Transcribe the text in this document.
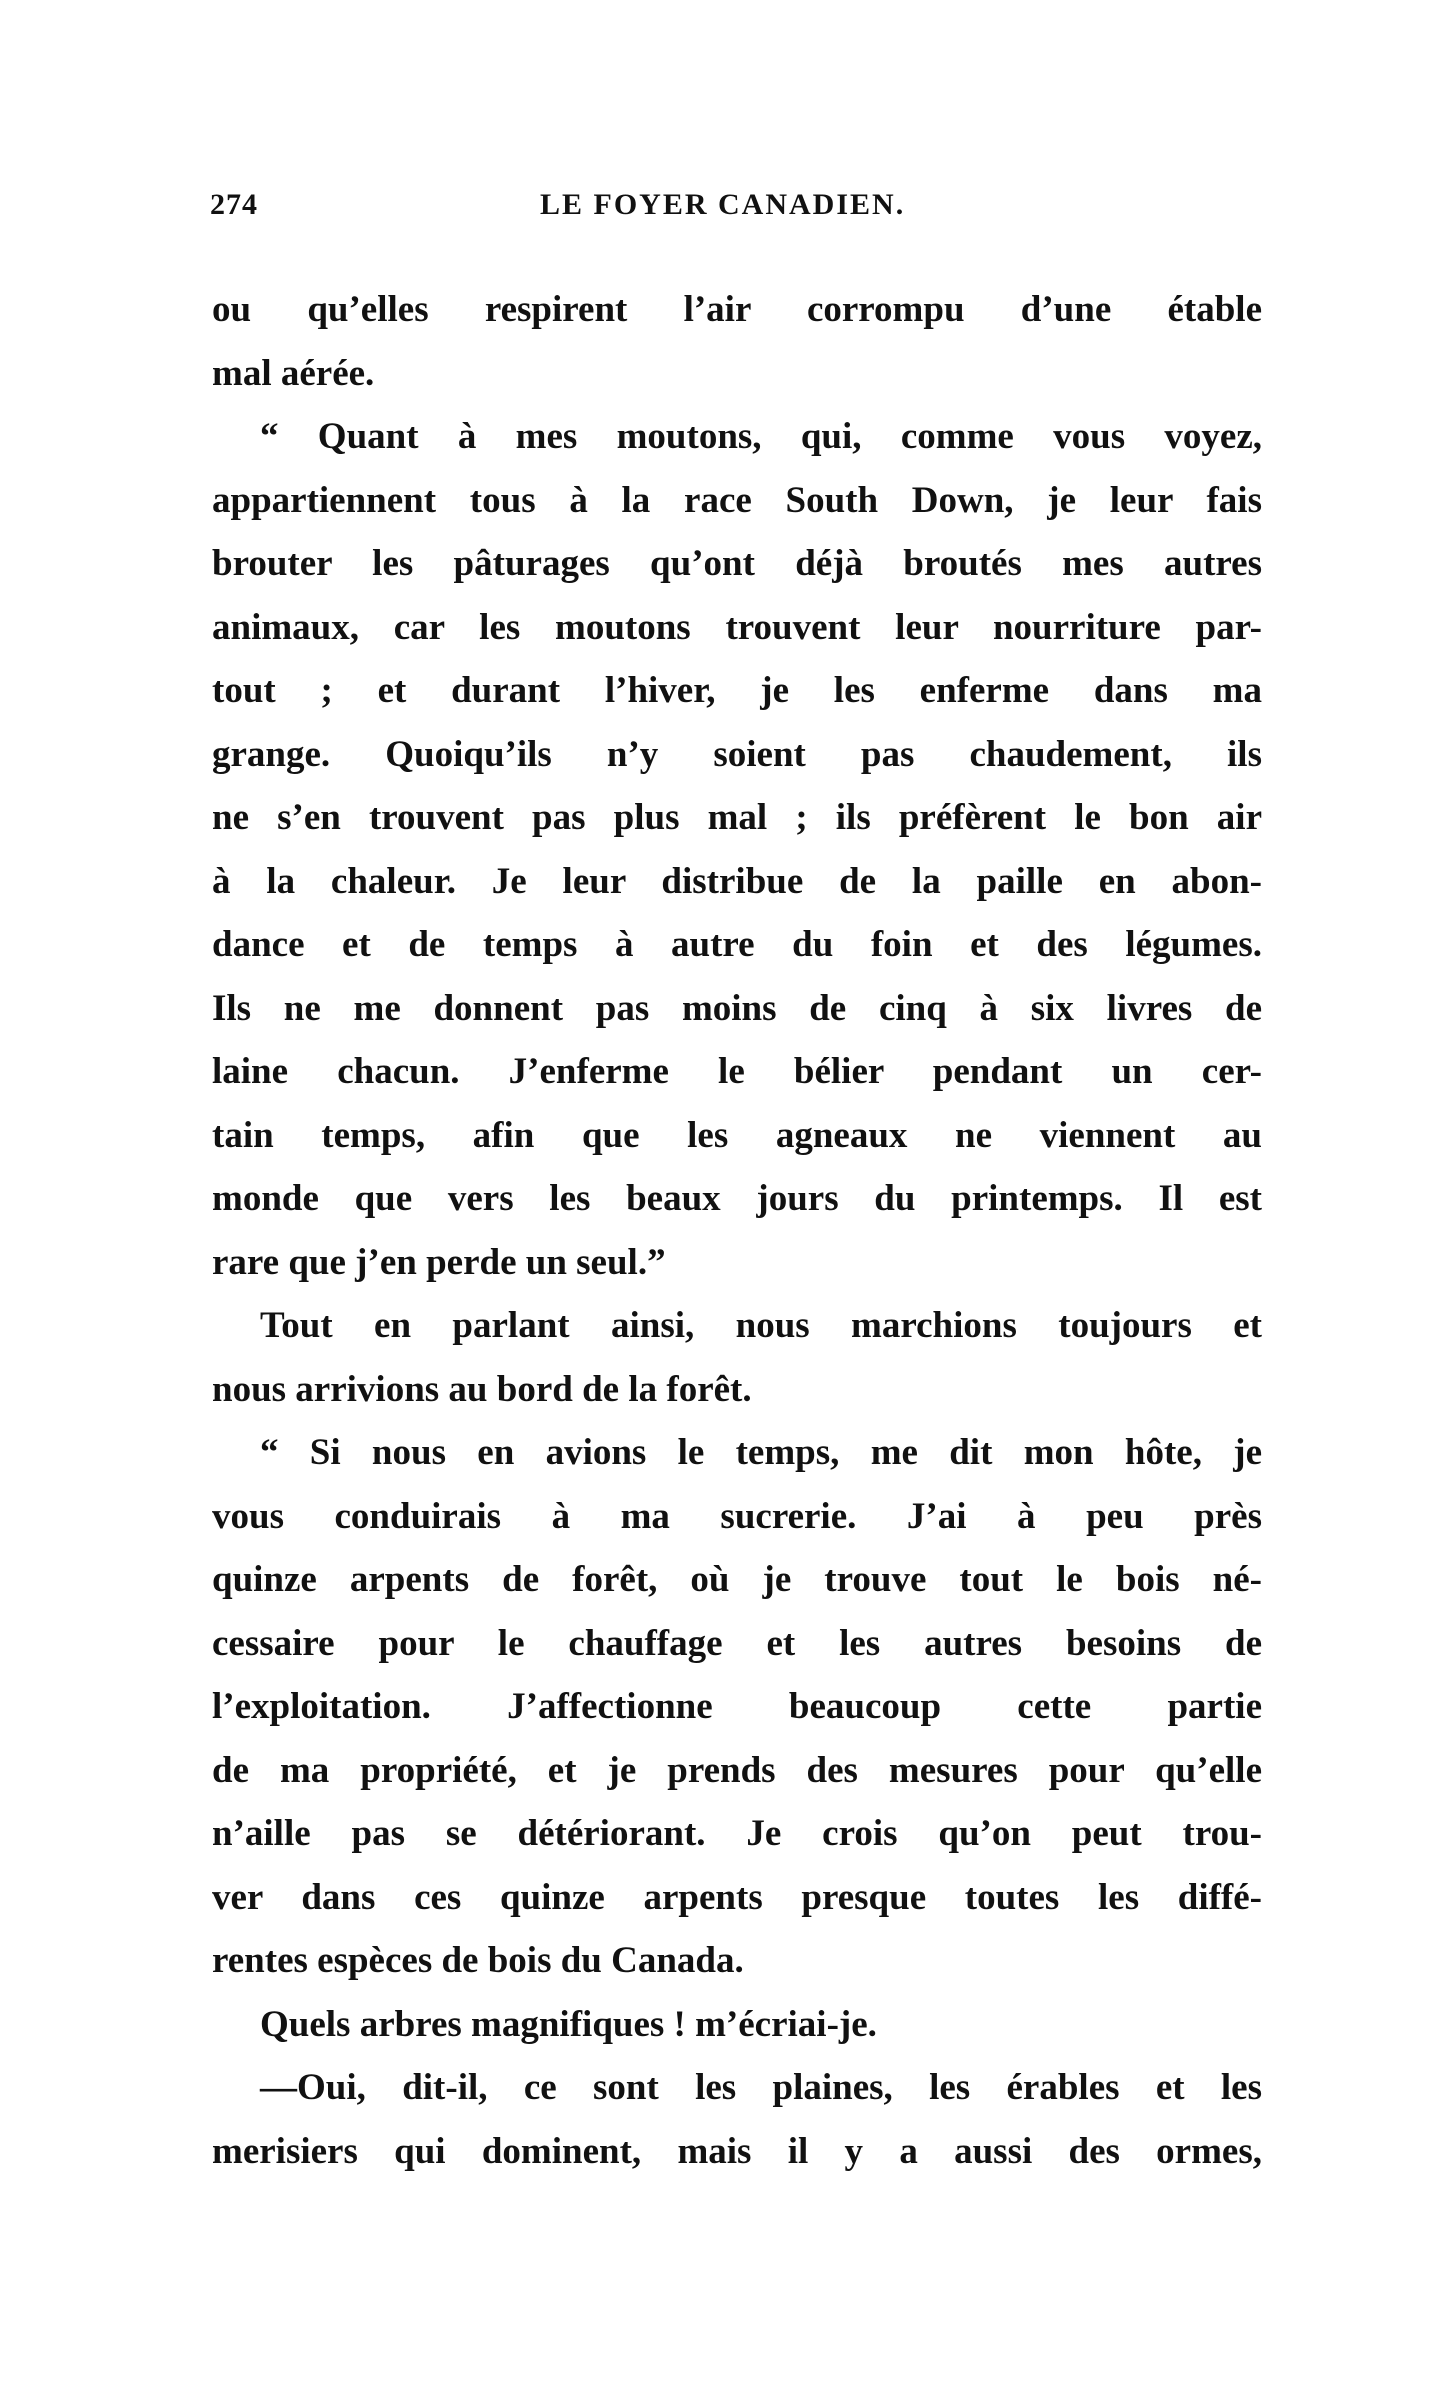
274	LE FOYER CANADIEN.
ou qu’elles respirent l’air corrompu d’une étable
mal aérée.
“ Quant à mes moutons, qui, comme vous voyez,
appartiennent tous à la race South Down, je leur fais
brouter les pâturages qu’ont déjà broutés mes autres
animaux, car les moutons trouvent leur nourriture par-
tout ; et durant l’hiver, je les enferme dans ma
grange. Quoiqu’ils n’y soient pas chaudement, ils
ne s’en trouvent pas plus mal ; ils préfèrent le bon air
à la chaleur. Je leur distribue de la paille en abon-
dance et de temps à autre du foin et des légumes.
Ils ne me donnent pas moins de cinq à six livres de
laine chacun. J’enferme le bélier pendant un cer-
tain temps, afin que les agneaux ne viennent au
monde que vers les beaux jours du printemps. Il est
rare que j’en perde un seul.”
Tout en parlant ainsi, nous marchions toujours et
nous arrivions au bord de la forêt.
“ Si nous en avions le temps, me dit mon hôte, je
vous conduirais à ma sucrerie. J’ai à peu près
quinze arpents de forêt, où je trouve tout le bois né-
cessaire pour le chauffage et les autres besoins de
l’exploitation. J’affectionne beaucoup cette partie
de ma propriété, et je prends des mesures pour qu’elle
n’aille pas se détériorant. Je crois qu’on peut trou-
ver dans ces quinze arpents presque toutes les diffé-
rentes espèces de bois du Canada.
Quels arbres magnifiques ! m’écriai-je.
—Oui, dit-il, ce sont les plaines, les érables et les
merisiers qui dominent, mais il y a aussi des ormes,
